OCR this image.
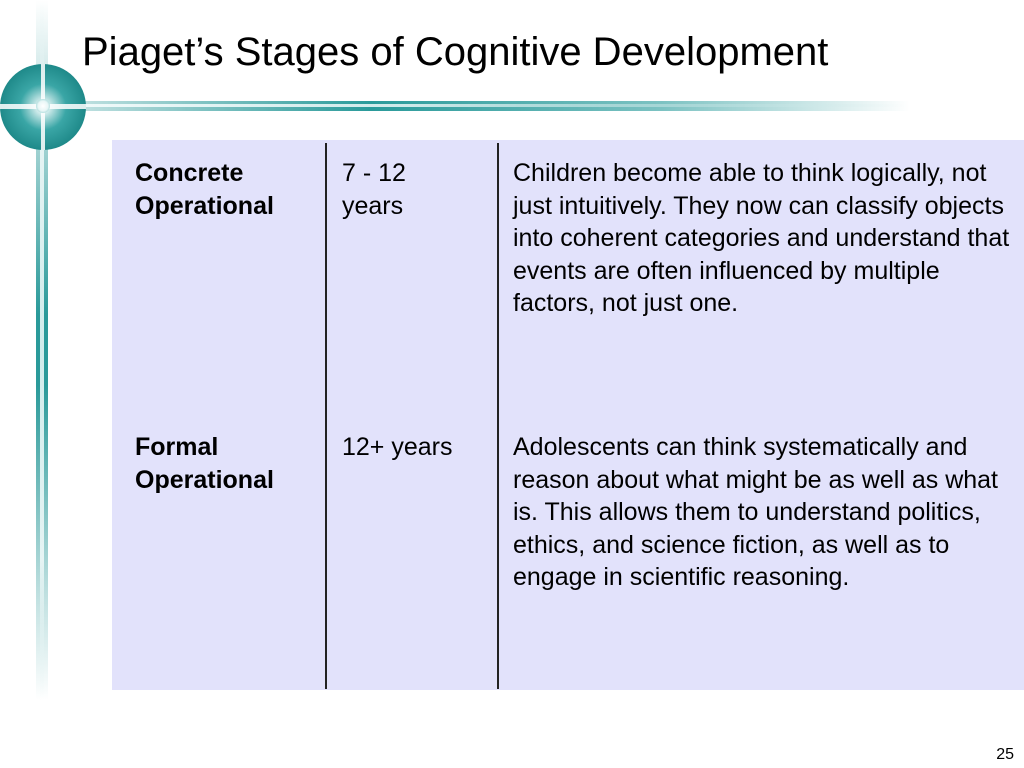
Piaget’s Stages of Cognitive Development
Concrete
Operational
7 - 12
years
Children become able to think logically, not just intuitively. They now can classify objects into coherent categories and understand that events are often influenced by multiple factors, not just one.
Formal
Operational
12+ years Adolescents can think systematically and reason about what might be as well as what is. This allows them to understand politics, ethics, and science fiction, as well as to engage in scientific reasoning.
25
